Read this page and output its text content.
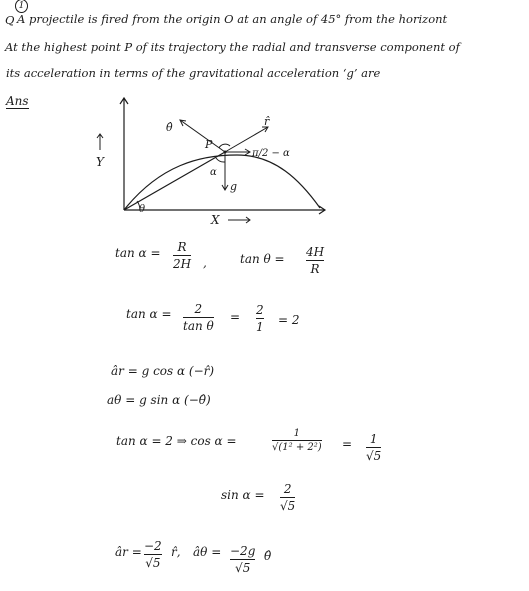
1
Q A projectile is fired from the origin O at an angle of 45° from the horizont
At the highest point P of its trajectory the radial and transverse component of
its acceleration in terms of the gravitational acceleration ‘g’ are
Ans
Y
X
θ
P
θ̂	r̂
π/2 − α
g
α
tan α = R
2H ,	tan θ = 4H
R
tan α = 2
tan θ
= 2
1 = 2
âr = g cos α (−r̂)
aθ = g sin α (−θ̂)
tan α = 2 ⇒ cos α =
1
√(1² + 2²) = 1
√5
sin α = 2
√5
âr = −2
√5
r̂, âθ = −2g
√5
θ̂
